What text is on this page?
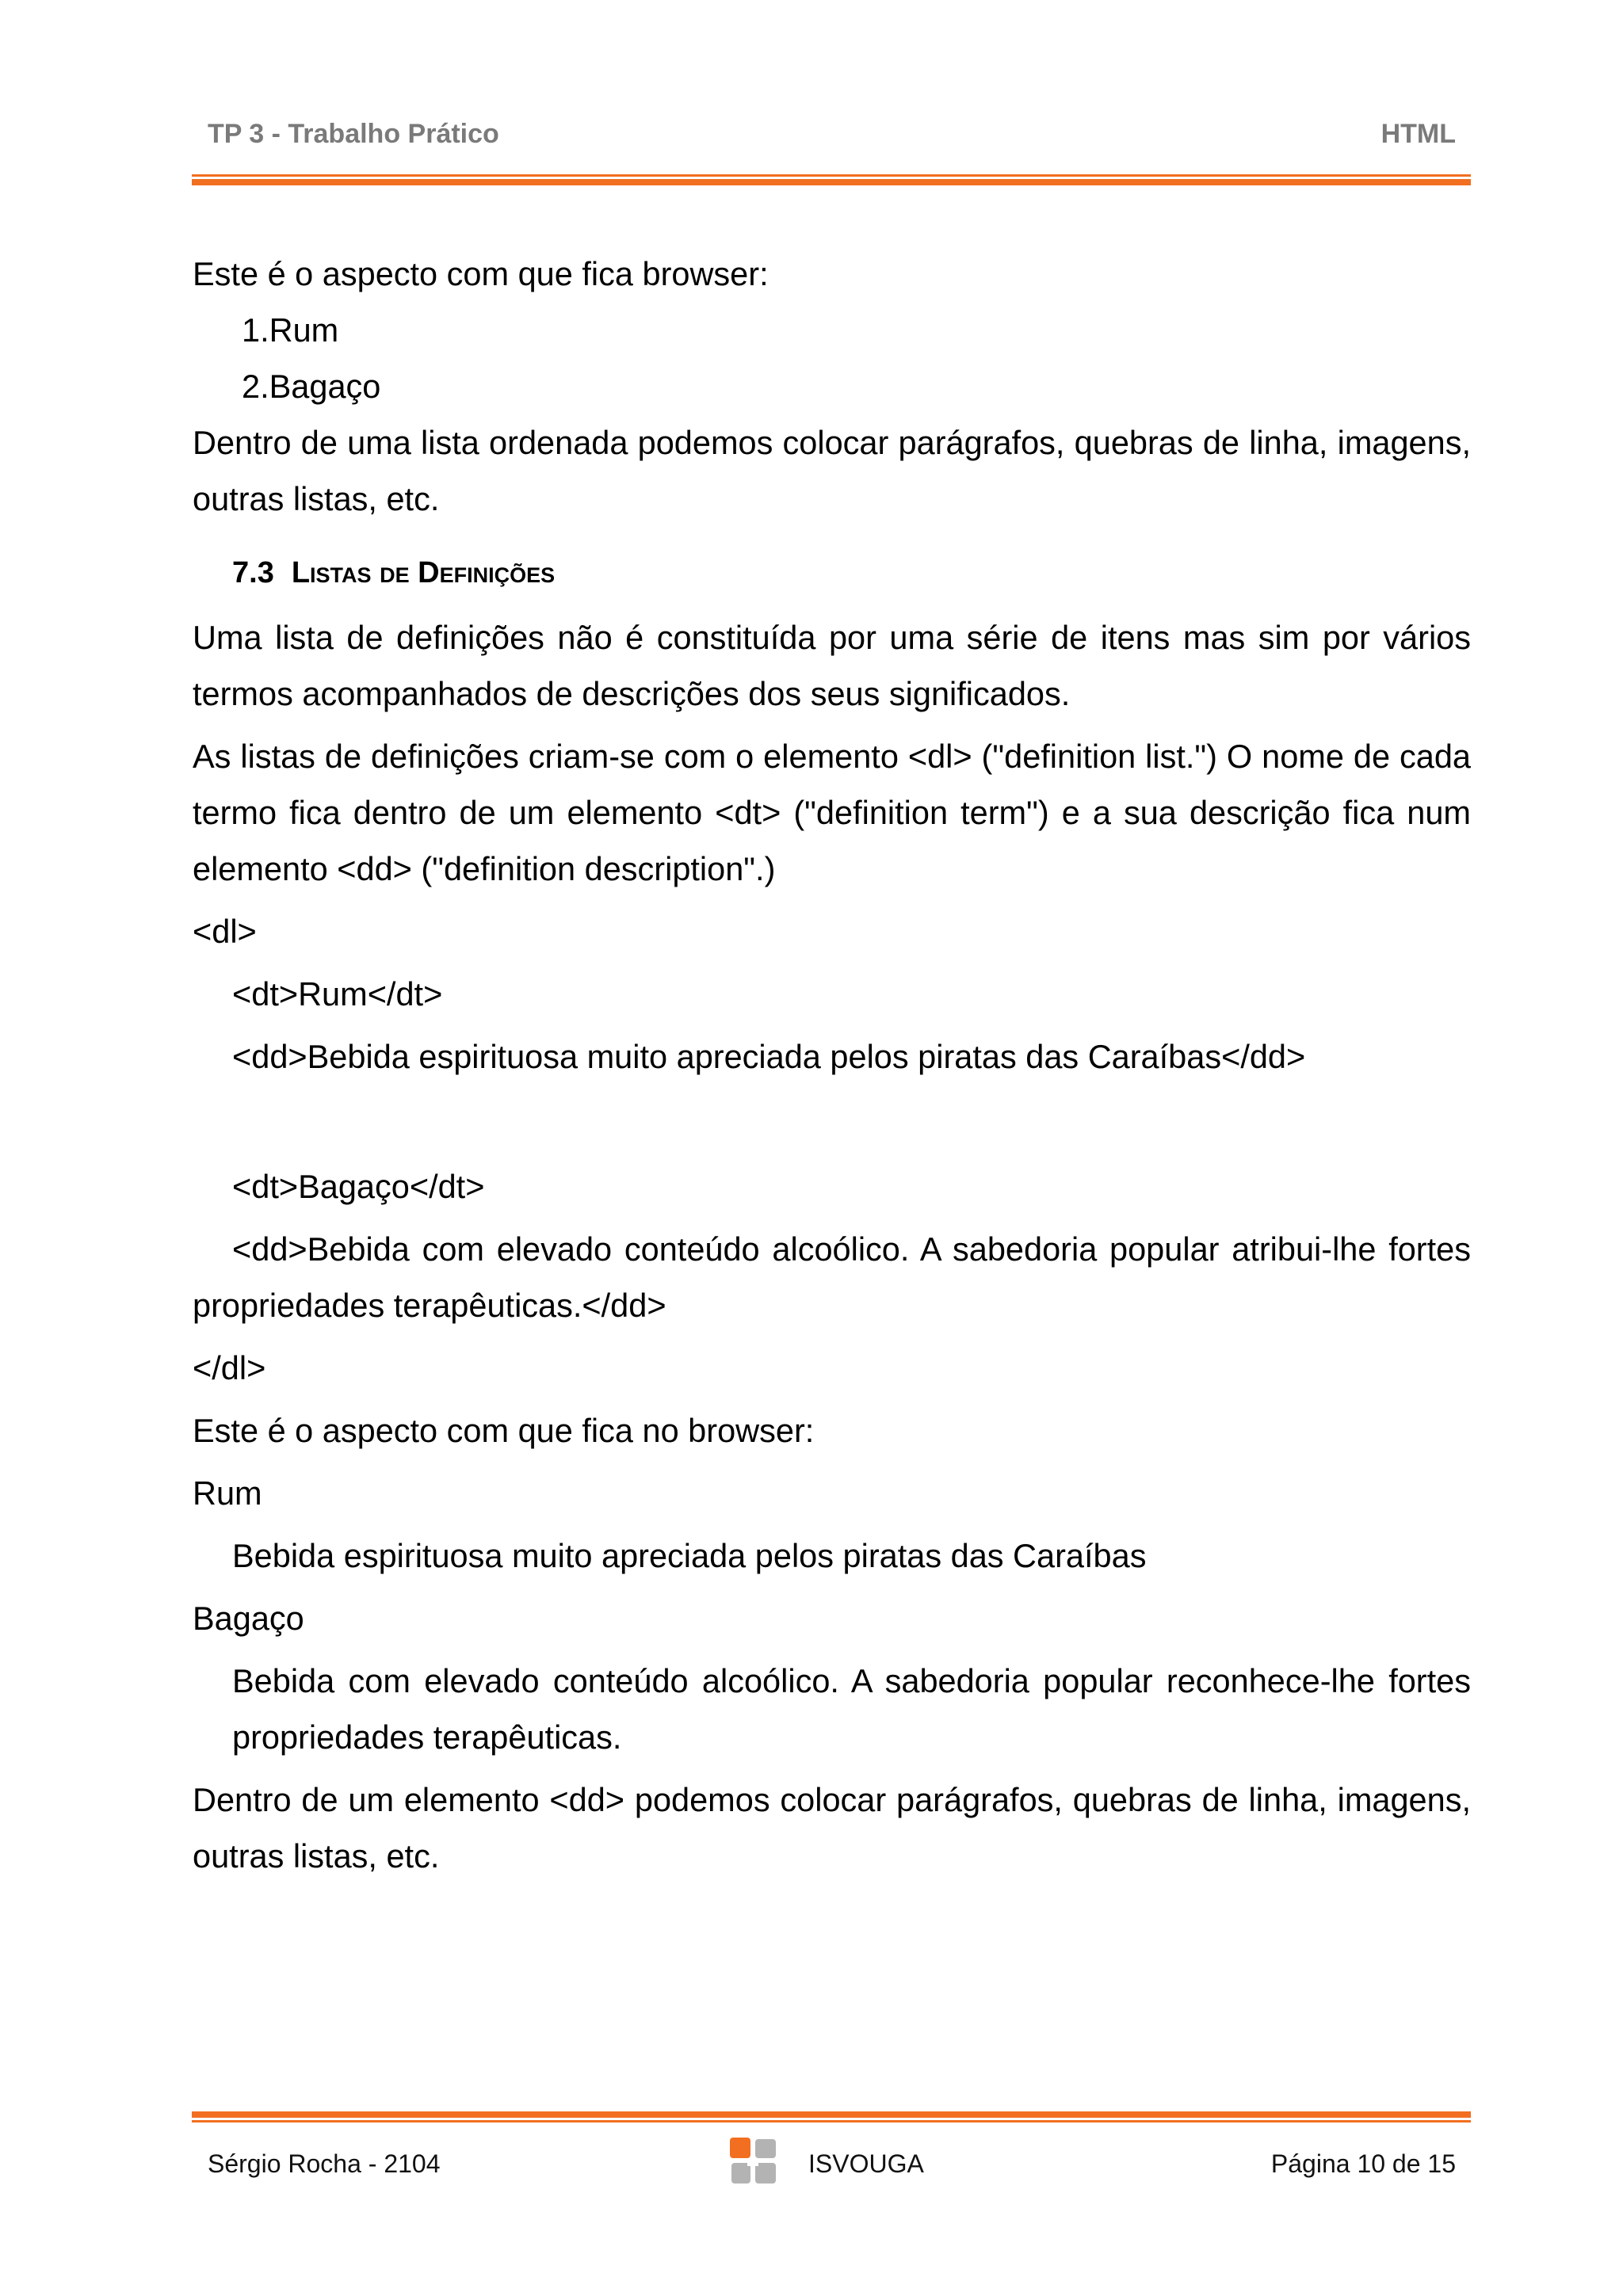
TP 3 - Trabalho Prático	HTML

Este é o aspecto com que fica browser:

1.Rum

2.Bagaço

Dentro de uma lista ordenada podemos colocar parágrafos, quebras de linha, imagens, outras listas, etc.

7.3 Listas de Definições

Uma lista de definições não é constituída por uma série de itens mas sim por vários termos acompanhados de descrições dos seus significados.

As listas de definições criam-se com o elemento <dl> ("definition list.") O nome de cada termo fica dentro de um elemento <dt> ("definition term") e a sua descrição fica num elemento <dd> ("definition description".)

<dl>

<dt>Rum</dt>

<dd>Bebida espirituosa muito apreciada pelos piratas das Caraíbas</dd>

<dt>Bagaço</dt>

<dd>Bebida com elevado conteúdo alcoólico. A sabedoria popular atribui-lhe fortes propriedades terapêuticas.</dd>

</dl>

Este é o aspecto com que fica no browser:

Rum

Bebida espirituosa muito apreciada pelos piratas das Caraíbas

Bagaço

Bebida com elevado conteúdo alcoólico. A sabedoria popular reconhece-lhe fortes propriedades terapêuticas.

Dentro de um elemento <dd> podemos colocar parágrafos, quebras de linha, imagens, outras listas, etc.

Sérgio Rocha - 2104	ISVOUGA	Página 10 de 15
